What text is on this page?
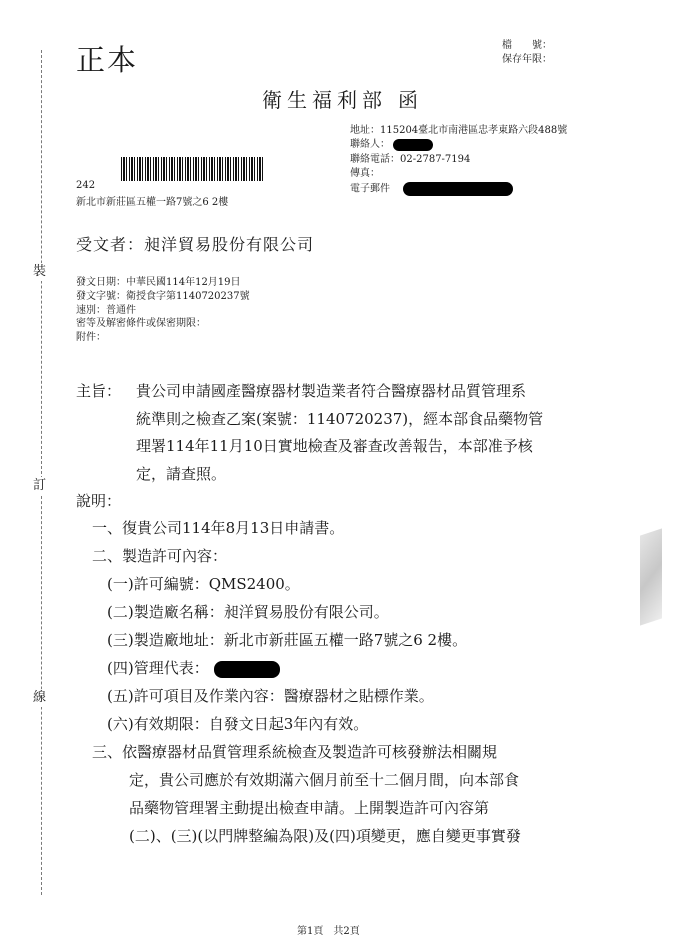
裝
訂
線
正本	檔　　號：
保存年限：
衛生福利部 函
地址：115204臺北市南港區忠孝東路六段488號
聯絡人：
聯絡電話：02-2787-7194
傳真：
電子郵件
242
新北市新莊區五權一路7號之6 2樓
受文者：昶洋貿易股份有限公司
發文日期：中華民國114年12月19日
發文字號：衛授食字第1140720237號
速別：普通件
密等及解密條件或保密期限：
附件：
主旨： 貴公司申請國產醫療器材製造業者符合醫療器材品質管理系
統準則之檢查乙案(案號：1140720237)，經本部食品藥物管
理署114年11月10日實地檢查及審查改善報告，本部准予核
定，請查照。
說明：
一、復貴公司114年8月13日申請書。
二、製造許可內容：
(一)許可編號：QMS2400。
(二)製造廠名稱：昶洋貿易股份有限公司。
(三)製造廠地址：新北市新莊區五權一路7號之6 2樓。
(四)管理代表：
(五)許可項目及作業內容：醫療器材之貼標作業。
(六)有效期限：自發文日起3年內有效。
三、依醫療器材品質管理系統檢查及製造許可核發辦法相關規
定，貴公司應於有效期滿六個月前至十二個月間，向本部食
品藥物管理署主動提出檢查申請。上開製造許可內容第
(二)、(三)(以門牌整編為限)及(四)項變更，應自變更事實發
第1頁　共2頁
